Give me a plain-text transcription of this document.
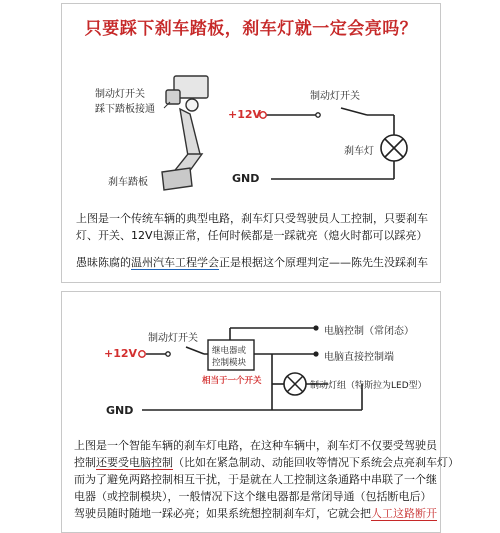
只要踩下刹车踏板，刹车灯就一定会亮吗？
制动灯开关
踩下踏板接通
刹车踏板
制动灯开关
+12V
刹车灯
GND
上图是一个传统车辆的典型电路，刹车灯只受驾驶员人工控制，只要刹车
灯、开关、12V电源正常，任何时候都是一踩就亮（熄火时都可以踩亮）
愚昧陈腐的温州汽车工程学会正是根据这个原理判定——陈先生没踩刹车
制动灯开关
+12V	继电器或
控制模块
相当于一个开关
电脑控制（常闭态）
电脑直接控制端
制动灯组（特斯拉为LED型）
GND
上图是一个智能车辆的刹车灯电路，在这种车辆中，刹车灯不仅要受驾驶员
控制还要受电脑控制（比如在紧急制动、动能回收等情况下系统会点亮刹车灯）
而为了避免两路控制相互干扰，于是就在人工控制这条通路中串联了一个继
电器（或控制模块），一般情况下这个继电器都是常闭导通（包括断电后）
驾驶员随时随地一踩必亮；如果系统想控制刹车灯，它就会把人工这路断开
